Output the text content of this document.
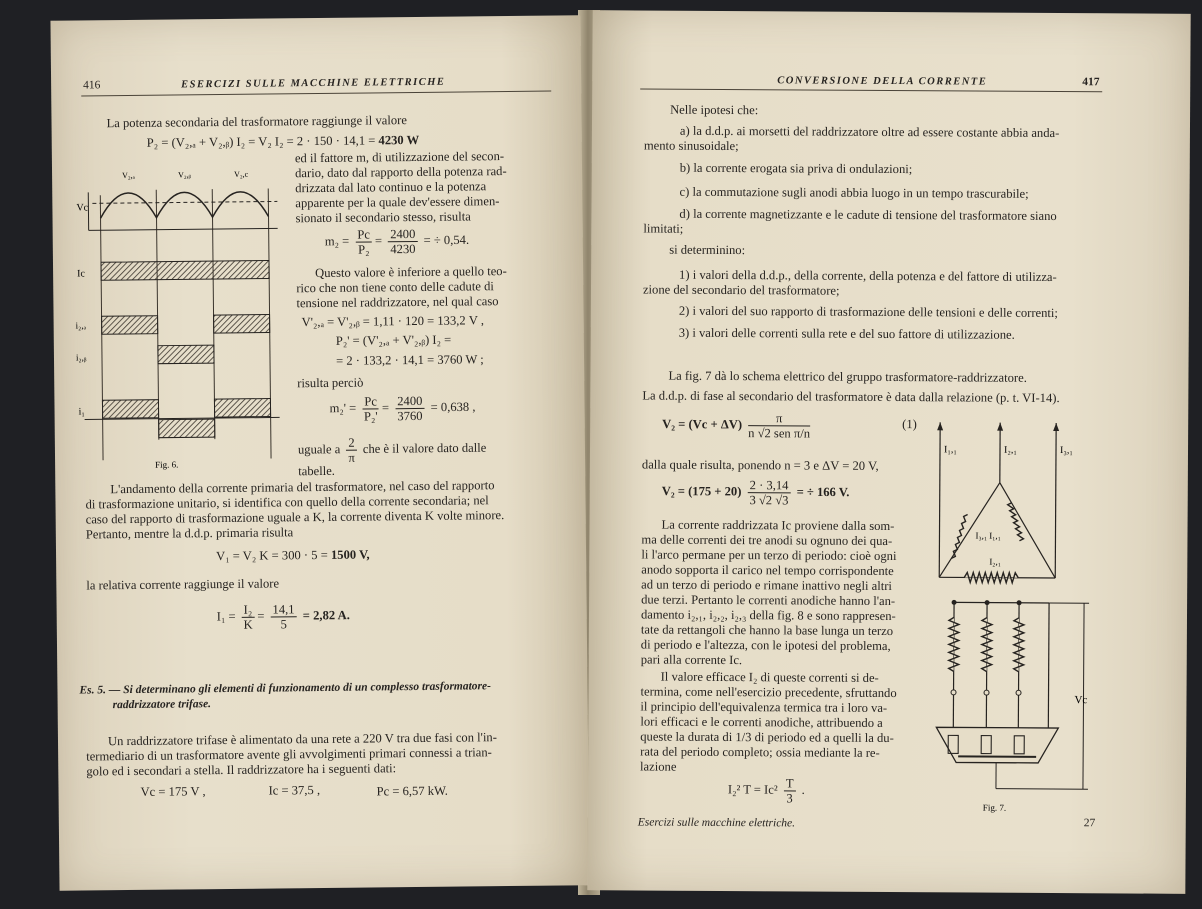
416	ESERCIZI SULLE MACCHINE ELETTRICHE
La potenza secondaria del trasformatore raggiunge il valore
P₂ = (V₂,ₐ + V₂,ᵦ) I₂ = V₂ I₂ = 2 · 150 · 14,1 = 4230 W
ed il fattore m, di utilizzazione del secon-
dario, dato dal rapporto della potenza rad-
drizzata dal lato continuo e la potenza
apparente per la quale dev'essere dimen-
sionato il secondario stesso, risulta
$m_2 = \frac{Pc}{\text{P₂}} = \frac{2400}{4230}$ = ÷ 0,54.
Questo valore è inferiore a quello teo-
rico che non tiene conto delle cadute di
tensione nel raddrizzatore, nel qual caso
V'₂,ₐ = V'₂,ᵦ = 1,11 · 120 = 133,2 V ,
P₂' = (V'₂,ₐ + V'₂,ᵦ) I₂ =
= 2 · 133,2 · 14,1 = 3760 W ;
risulta perciò
$m_2' = \frac{Pc}{\text{P₂'}} = \frac{2400}{3760} = 0,638$ ,
uguale a $\frac{2}{\pi}$ che è il valore dato dalle
tabelle.
V₂,ₐ	V₂,ᵦ	V₂,c
Vc
Ic
i₂,ₐ
i₂,ᵦ
i₁
Fig. 6.
L'andamento della corrente primaria del trasformatore, nel caso del rapporto
di trasformazione unitario, si identifica con quello della corrente secondaria; nel
caso del rapporto di trasformazione uguale a K, la corrente diventa K volte minore.
Pertanto, mentre la d.d.p. primaria risulta
V₁ = V₂ K = 300 · 5 = 1500 V,
la relativa corrente raggiunge il valore
$I_1 = \frac{\text{I₂}}{K} = \frac{14,1}{5} = 2,82$ A.
Es. 5. — Si determinano gli elementi di funzionamento di un complesso trasformatore-
raddrizzatore trifase.
Un raddrizzatore trifase è alimentato da una rete a 220 V tra due fasi con l'in-
termediario di un trasformatore avente gli avvolgimenti primari connessi a trian-
golo ed i secondari a stella. Il raddrizzatore ha i seguenti dati:
Vc = 175 V ,	Ic = 37,5 ,	Pc = 6,57 kW.
CONVERSIONE DELLA CORRENTE	417
Nelle ipotesi che:
a) la d.d.p. ai morsetti del raddrizzatore oltre ad essere costante abbia anda-
mento sinusoidale;
b) la corrente erogata sia priva di ondulazioni;
c) la commutazione sugli anodi abbia luogo in un tempo trascurabile;
d) la corrente magnetizzante e le cadute di tensione del trasformatore siano
limitati;
si determinino:
1) i valori della d.d.p., della corrente, della potenza e del fattore di utilizza-
zione del secondario del trasformatore;
2) i valori del suo rapporto di trasformazione delle tensioni e delle correnti;
3) i valori delle correnti sulla rete e del suo fattore di utilizzazione.
La fig. 7 dà lo schema elettrico del gruppo trasformatore-raddrizzatore.
La d.d.p. di fase al secondario del trasformatore è data dalla relazione (p. t. VI-14).
$V_2 = (Vc + \Delta V) \frac{\pi}{\text{n √2 sen π/n}}$	(1)
dalla quale risulta, ponendo n = 3 e ΔV = 20 V,
$V_2 = (175 + 20) \frac{2 \cdot 3,14}{3 √2 √3}$ = ÷ 166 V.
La corrente raddrizzata Ic proviene dalla som-
ma delle correnti dei tre anodi su ognuno dei qua-
li l'arco permane per un terzo di periodo: cioè ogni
anodo sopporta il carico nel tempo corrispondente
ad un terzo di periodo e rimane inattivo negli altri
due terzi. Pertanto le correnti anodiche hanno l'an-
damento i₂,₁, i₂,₂, i₂,₃ della fig. 8 e sono rappresen-
tate da rettangoli che hanno la base lunga un terzo
di periodo e l'altezza, con le ipotesi del problema,
pari alla corrente Ic.
Il valore efficace I₂ di queste correnti si de-
termina, come nell'esercizio precedente, sfruttando
il principio dell'equivalenza termica tra i loro va-
lori efficaci e le correnti anodiche, attribuendo a
queste la durata di 1/3 di periodo ed a quelli la du-
rata del periodo completo; ossia mediante la re-
lazione
I₂² $T = Ic^2 \frac{T}{3}$ .
I₁,₁	I₂,₁	I₃,₁
I₃,₁ I₁,₁
I₂,₁
Vc
Fig. 7.
Esercizi sulle macchine elettriche.	27
